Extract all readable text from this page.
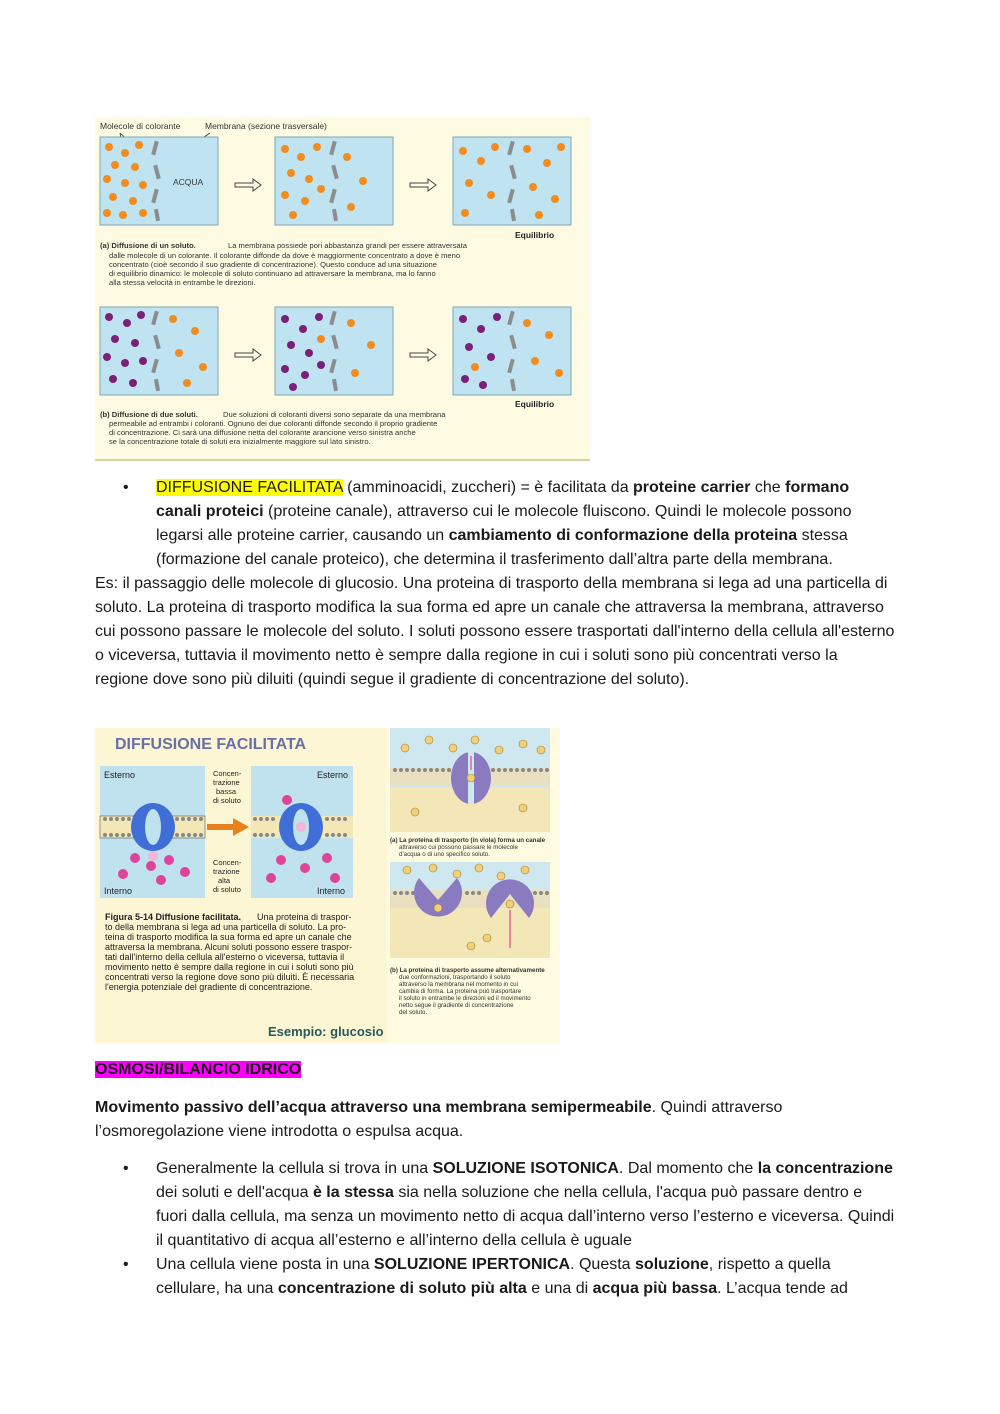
Molecole di colorante	Membrana (sezione trasversale)
ACQUA
Equilibrio
(a) Diffusione di un soluto.	La membrana possiede pori abbastanza grandi per essere attraversata
dalle molecole di un colorante. Il colorante diffonde da dove è maggiormente concentrato a dove è meno
concentrato (cioè secondo il suo gradiente di concentrazione). Questo conduce ad una situazione
di equilibrio dinamico: le molecole di soluto continuano ad attraversare la membrana, ma lo fanno
alla stessa velocità in entrambe le direzioni.
Equilibrio
(b) Diffusione di due soluti.	Due soluzioni di coloranti diversi sono separate da una membrana
permeabile ad entrambi i coloranti. Ognuno dei due coloranti diffonde secondo il proprio gradiente
di concentrazione. Ci sarà una diffusione netta del colorante arancione verso sinistra anche
se la concentrazione totale di soluti era inizialmente maggiore sul lato sinistro.
• DIFFUSIONE FACILITATA (amminoacidi, zuccheri) = è facilitata da proteine carrier che formano canali proteici (proteine canale), attraverso cui le molecole fluiscono. Quindi le molecole possono legarsi alle proteine carrier, causando un cambiamento di conformazione della proteina stessa (formazione del canale proteico), che determina il trasferimento dall’altra parte della membrana.
Es: il passaggio delle molecole di glucosio. Una proteina di trasporto della membrana si lega ad una particella di soluto. La proteina di trasporto modifica la sua forma ed apre un canale che attraversa la membrana, attraverso cui possono passare le molecole del soluto. I soluti possono essere trasportati dall'interno della cellula all'esterno o viceversa, tuttavia il movimento netto è sempre dalla regione in cui i soluti sono più concentrati verso la regione dove sono più diluiti (quindi segue il gradiente di concentrazione del soluto).
DIFFUSIONE FACILITATA
Esterno
Interno
Concen-
trazione
bassa
di soluto
Concen-
trazione
alta
di soluto
Esterno
Interno
Figura 5-14 Diffusione facilitata. Una proteina di traspor-
to della membrana si lega ad una particella di soluto. La pro-
teina di trasporto modifica la sua forma ed apre un canale che
attraversa la membrana. Alcuni soluti possono essere traspor-
tati dall'interno della cellula all'esterno o viceversa, tuttavia il
movimento netto è sempre dalla regione in cui i soluti sono più
concentrati verso la regione dove sono più diluiti. È necessaria
l'energia potenziale del gradiente di concentrazione.
Esempio: glucosio
(a) La proteina di trasporto (in viola) forma un canale
attraverso cui possono passare le molecole
d'acqua o di uno specifico soluto.
(b) La proteina di trasporto assume alternativamente
due conformazioni, trasportando il soluto
attraverso la membrana nel momento in cui
cambia di forma. La proteina può trasportare
il soluto in entrambe le direzioni ed il movimento
netto segue il gradiente di concentrazione
del soluto.
OSMOSI/BILANCIO IDRICO
Movimento passivo dell’acqua attraverso una membrana semipermeabile. Quindi attraverso l’osmoregolazione viene introdotta o espulsa acqua.
• Generalmente la cellula si trova in una SOLUZIONE ISOTONICA. Dal momento che la concentrazione dei soluti e dell'acqua è la stessa sia nella soluzione che nella cellula, l'acqua può passare dentro e fuori dalla cellula, ma senza un movimento netto di acqua dall’interno verso l’esterno e viceversa. Quindi il quantitativo di acqua all’esterno e all’interno della cellula è uguale
• Una cellula viene posta in una SOLUZIONE IPERTONICA. Questa soluzione, rispetto a quella cellulare, ha una concentrazione di soluto più alta e una di acqua più bassa. L’acqua tende ad
